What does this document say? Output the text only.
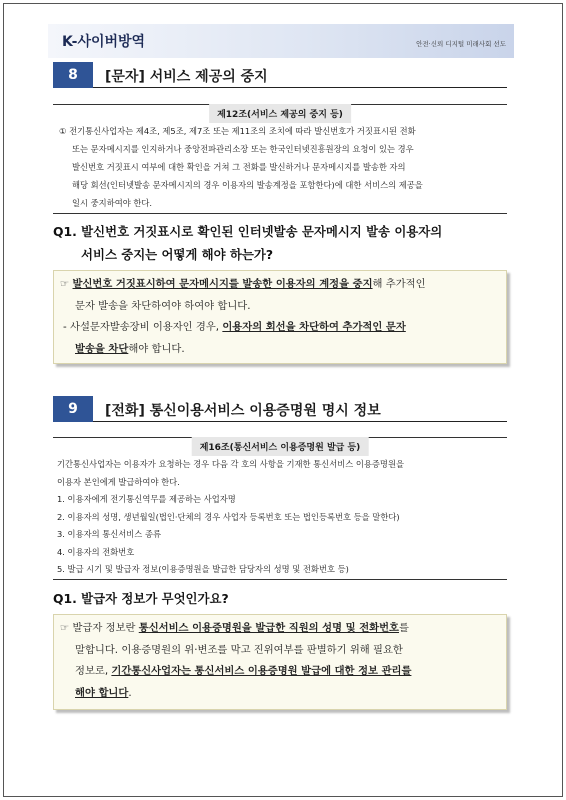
K-사이버방역	안전·신뢰 디지털 미래사회 선도
8	[문자] 서비스 제공의 중지
제12조(서비스 제공의 중지 등)
① 전기통신사업자는 제4조, 제5조, 제7조 또는 제11조의 조치에 따라 발신번호가 거짓표시된 전화
또는 문자메시지를 인지하거나 중앙전파관리소장 또는 한국인터넷진흥원장의 요청이 있는 경우
발신번호 거짓표시 여부에 대한 확인을 거쳐 그 전화를 발신하거나 문자메시지를 발송한 자의
해당 회선(인터넷발송 문자메시지의 경우 이용자의 발송계정을 포함한다)에 대한 서비스의 제공을
일시 중지하여야 한다.
Q1. 발신번호 거짓표시로 확인된 인터넷발송 문자메시지 발송 이용자의
서비스 중지는 어떻게 해야 하는가?
☞ 발신번호 거짓표시하여 문자메시지를 발송한 이용자의 계정을 중지해 추가적인
문자 발송을 차단하여야 하여야 합니다.
- 사설문자발송장비 이용자인 경우, 이용자의 회선을 차단하여 추가적인 문자
발송을 차단해야 합니다.
9	[전화] 통신이용서비스 이용증명원 명시 정보
제16조(통신서비스 이용증명원 발급 등)
기간통신사업자는 이용자가 요청하는 경우 다음 각 호의 사항을 기재한 통신서비스 이용증명원을
이용자 본인에게 발급하여야 한다.
1. 이용자에게 전기통신역무를 제공하는 사업자명
2. 이용자의 성명, 생년월일(법인·단체의 경우 사업자 등록번호 또는 법인등록번호 등을 말한다)
3. 이용자의 통신서비스 종류
4. 이용자의 전화번호
5. 발급 시기 및 발급자 정보(이용증명원을 발급한 담당자의 성명 및 전화번호 등)
Q1. 발급자 정보가 무엇인가요?
☞ 발급자 정보란 통신서비스 이용증명원을 발급한 직원의 성명 및 전화번호를
말합니다. 이용증명원의 위·변조를 막고 진위여부를 판별하기 위해 필요한
정보로, 기간통신사업자는 통신서비스 이용증명원 발급에 대한 정보 관리를
해야 합니다.
